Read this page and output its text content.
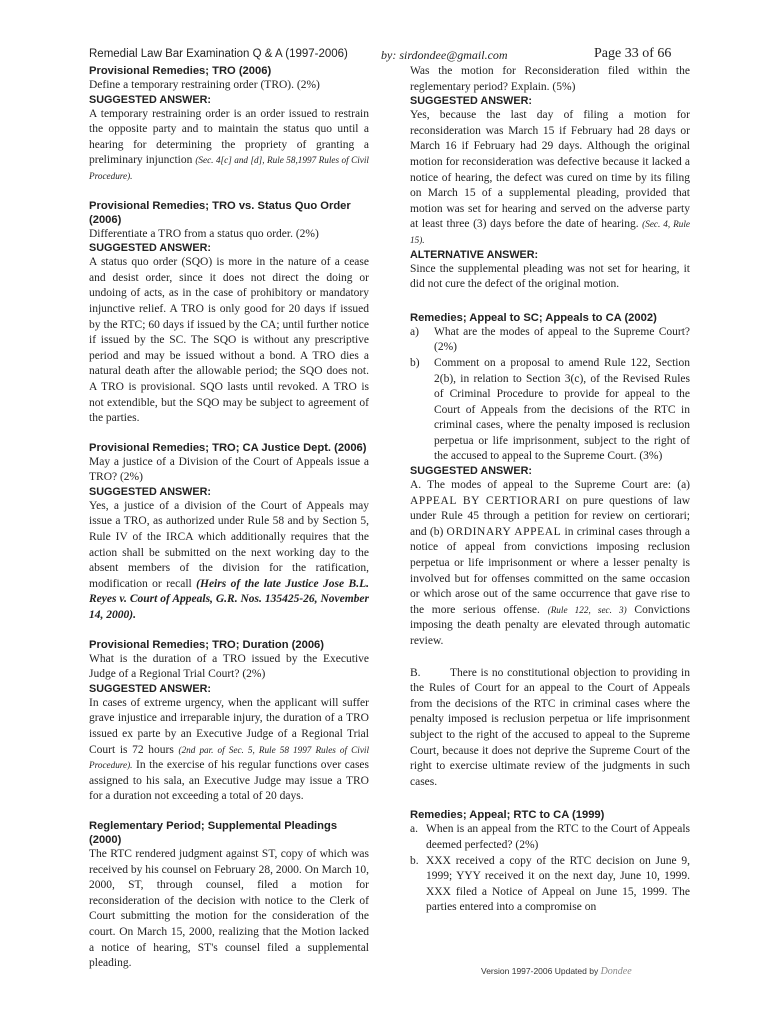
Remedial Law Bar Examination Q & A (1997-2006)	by: sirdondee@gmail.com	Page 33 of 66

Provisional Remedies; TRO (2006)

Define a temporary restraining order (TRO). (2%)

SUGGESTED ANSWER:

A temporary restraining order is an order issued to restrain the opposite party and to maintain the status quo until a hearing for determining the propriety of granting a preliminary injunction (Sec. 4[c] and [d], Rule 58,1997 Rules of Civil Procedure).

Provisional Remedies; TRO vs. Status Quo Order (2006)

Differentiate a TRO from a status quo order. (2%)

SUGGESTED ANSWER:

A status quo order (SQO) is more in the nature of a cease and desist order, since it does not direct the doing or undoing of acts, as in the case of prohibitory or mandatory injunctive relief. A TRO is only good for 20 days if issued by the RTC; 60 days if issued by the CA; until further notice if issued by the SC. The SQO is without any prescriptive period and may be issued without a bond. A TRO dies a natural death after the allowable period; the SQO does not. A TRO is provisional. SQO lasts until revoked. A TRO is not extendible, but the SQO may be subject to agreement of the parties.

Provisional Remedies; TRO; CA Justice Dept. (2006)

May a justice of a Division of the Court of Appeals issue a TRO? (2%)

SUGGESTED ANSWER:

Yes, a justice of a division of the Court of Appeals may issue a TRO, as authorized under Rule 58 and by Section 5, Rule IV of the IRCA which additionally requires that the action shall be submitted on the next working day to the absent members of the division for the ratification, modification or recall (Heirs of the late Justice Jose B.L. Reyes v. Court of Appeals, G.R. Nos. 135425-26, November 14, 2000).

Provisional Remedies; TRO; Duration (2006)

What is the duration of a TRO issued by the Executive Judge of a Regional Trial Court? (2%)

SUGGESTED ANSWER:

In cases of extreme urgency, when the applicant will suffer grave injustice and irreparable injury, the duration of a TRO issued ex parte by an Executive Judge of a Regional Trial Court is 72 hours (2nd par. of Sec. 5, Rule 58 1997 Rules of Civil Procedure). In the exercise of his regular functions over cases assigned to his sala, an Executive Judge may issue a TRO for a duration not exceeding a total of 20 days.

Reglementary Period; Supplemental Pleadings (2000)

The RTC rendered judgment against ST, copy of which was received by his counsel on February 28, 2000. On March 10, 2000, ST, through counsel, filed a motion for reconsideration of the decision with notice to the Clerk of Court submitting the motion for the consideration of the court. On March 15, 2000, realizing that the Motion lacked a notice of hearing, ST's counsel filed a supplemental pleading.

Was the motion for Reconsideration filed within the reglementary period? Explain. (5%)

SUGGESTED ANSWER:

Yes, because the last day of filing a motion for reconsideration was March 15 if February had 28 days or March 16 if February had 29 days. Although the original motion for reconsideration was defective because it lacked a notice of hearing, the defect was cured on time by its filing on March 15 of a supplemental pleading, provided that motion was set for hearing and served on the adverse party at least three (3) days before the date of hearing. (Sec. 4, Rule 15).

ALTERNATIVE ANSWER:

Since the supplemental pleading was not set for hearing, it did not cure the defect of the original motion.

Remedies; Appeal to SC; Appeals to CA (2002)

a) What are the modes of appeal to the Supreme Court? (2%)
b) Comment on a proposal to amend Rule 122, Section 2(b), in relation to Section 3(c), of the Revised Rules of Criminal Procedure to provide for appeal to the Court of Appeals from the decisions of the RTC in criminal cases, where the penalty imposed is reclusion perpetua or life imprisonment, subject to the right of the accused to appeal to the Supreme Court. (3%)

SUGGESTED ANSWER:

A. The modes of appeal to the Supreme Court are: (a) APPEAL BY CERTIORARI on pure questions of law under Rule 45 through a petition for review on certiorari; and (b) ORDINARY APPEAL in criminal cases through a notice of appeal from convictions imposing reclusion perpetua or life imprisonment or where a lesser penalty is involved but for offenses committed on the same occasion or which arose out of the same occurrence that gave rise to the more serious offense. (Rule 122, sec. 3) Convictions imposing the death penalty are elevated through automatic review.

B.        There is no constitutional objection to providing in the Rules of Court for an appeal to the Court of Appeals from the decisions of the RTC in criminal cases where the penalty imposed is reclusion perpetua or life imprisonment subject to the right of the accused to appeal to the Supreme Court, because it does not deprive the Supreme Court of the right to exercise ultimate review of the judgments in such cases.

Remedies; Appeal; RTC to CA (1999)

a. When is an appeal from the RTC to the Court of Appeals deemed perfected? (2%)
b. XXX received a copy of the RTC decision on June 9, 1999; YYY received it on the next day, June 10, 1999. XXX filed a Notice of Appeal on June 15, 1999. The parties entered into a compromise on
Version 1997-2006 Updated by Dondee
